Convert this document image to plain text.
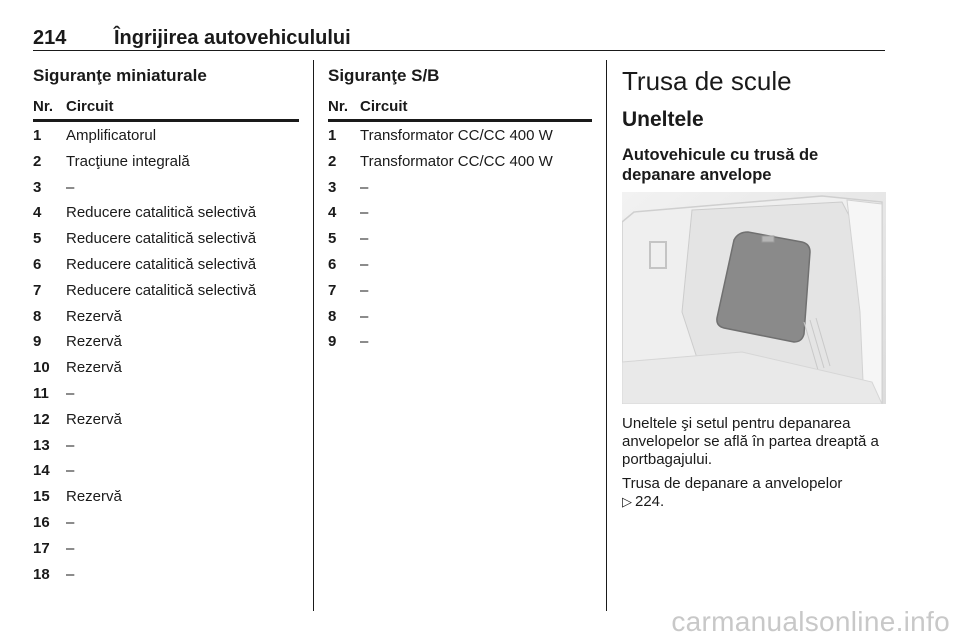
214 Îngrijirea autovehiculului
Siguranţe miniaturale
Nr. Circuit
1 Amplificatorul
2 Tracţiune integrală
3 –
4 Reducere catalitică selectivă
5 Reducere catalitică selectivă
6 Reducere catalitică selectivă
7 Reducere catalitică selectivă
8 Rezervă
9 Rezervă
10 Rezervă
11 –
12 Rezervă
13 –
14 –
15 Rezervă
16 –
17 –
18 –
Siguranţe S/B
Nr. Circuit
1 Transformator CC/CC 400 W
2 Transformator CC/CC 400 W
3 –
4 –
5 –
6 –
7 –
8 –
9 –
Trusa de scule
Uneltele
Autovehicule cu trusă de depanare anvelope

Uneltele şi setul pentru depanarea anvelopelor se află în partea dreaptă a portbagajului.

Trusa de depanare a anvelopelor
▷ 224.

carmanualsonline.info
